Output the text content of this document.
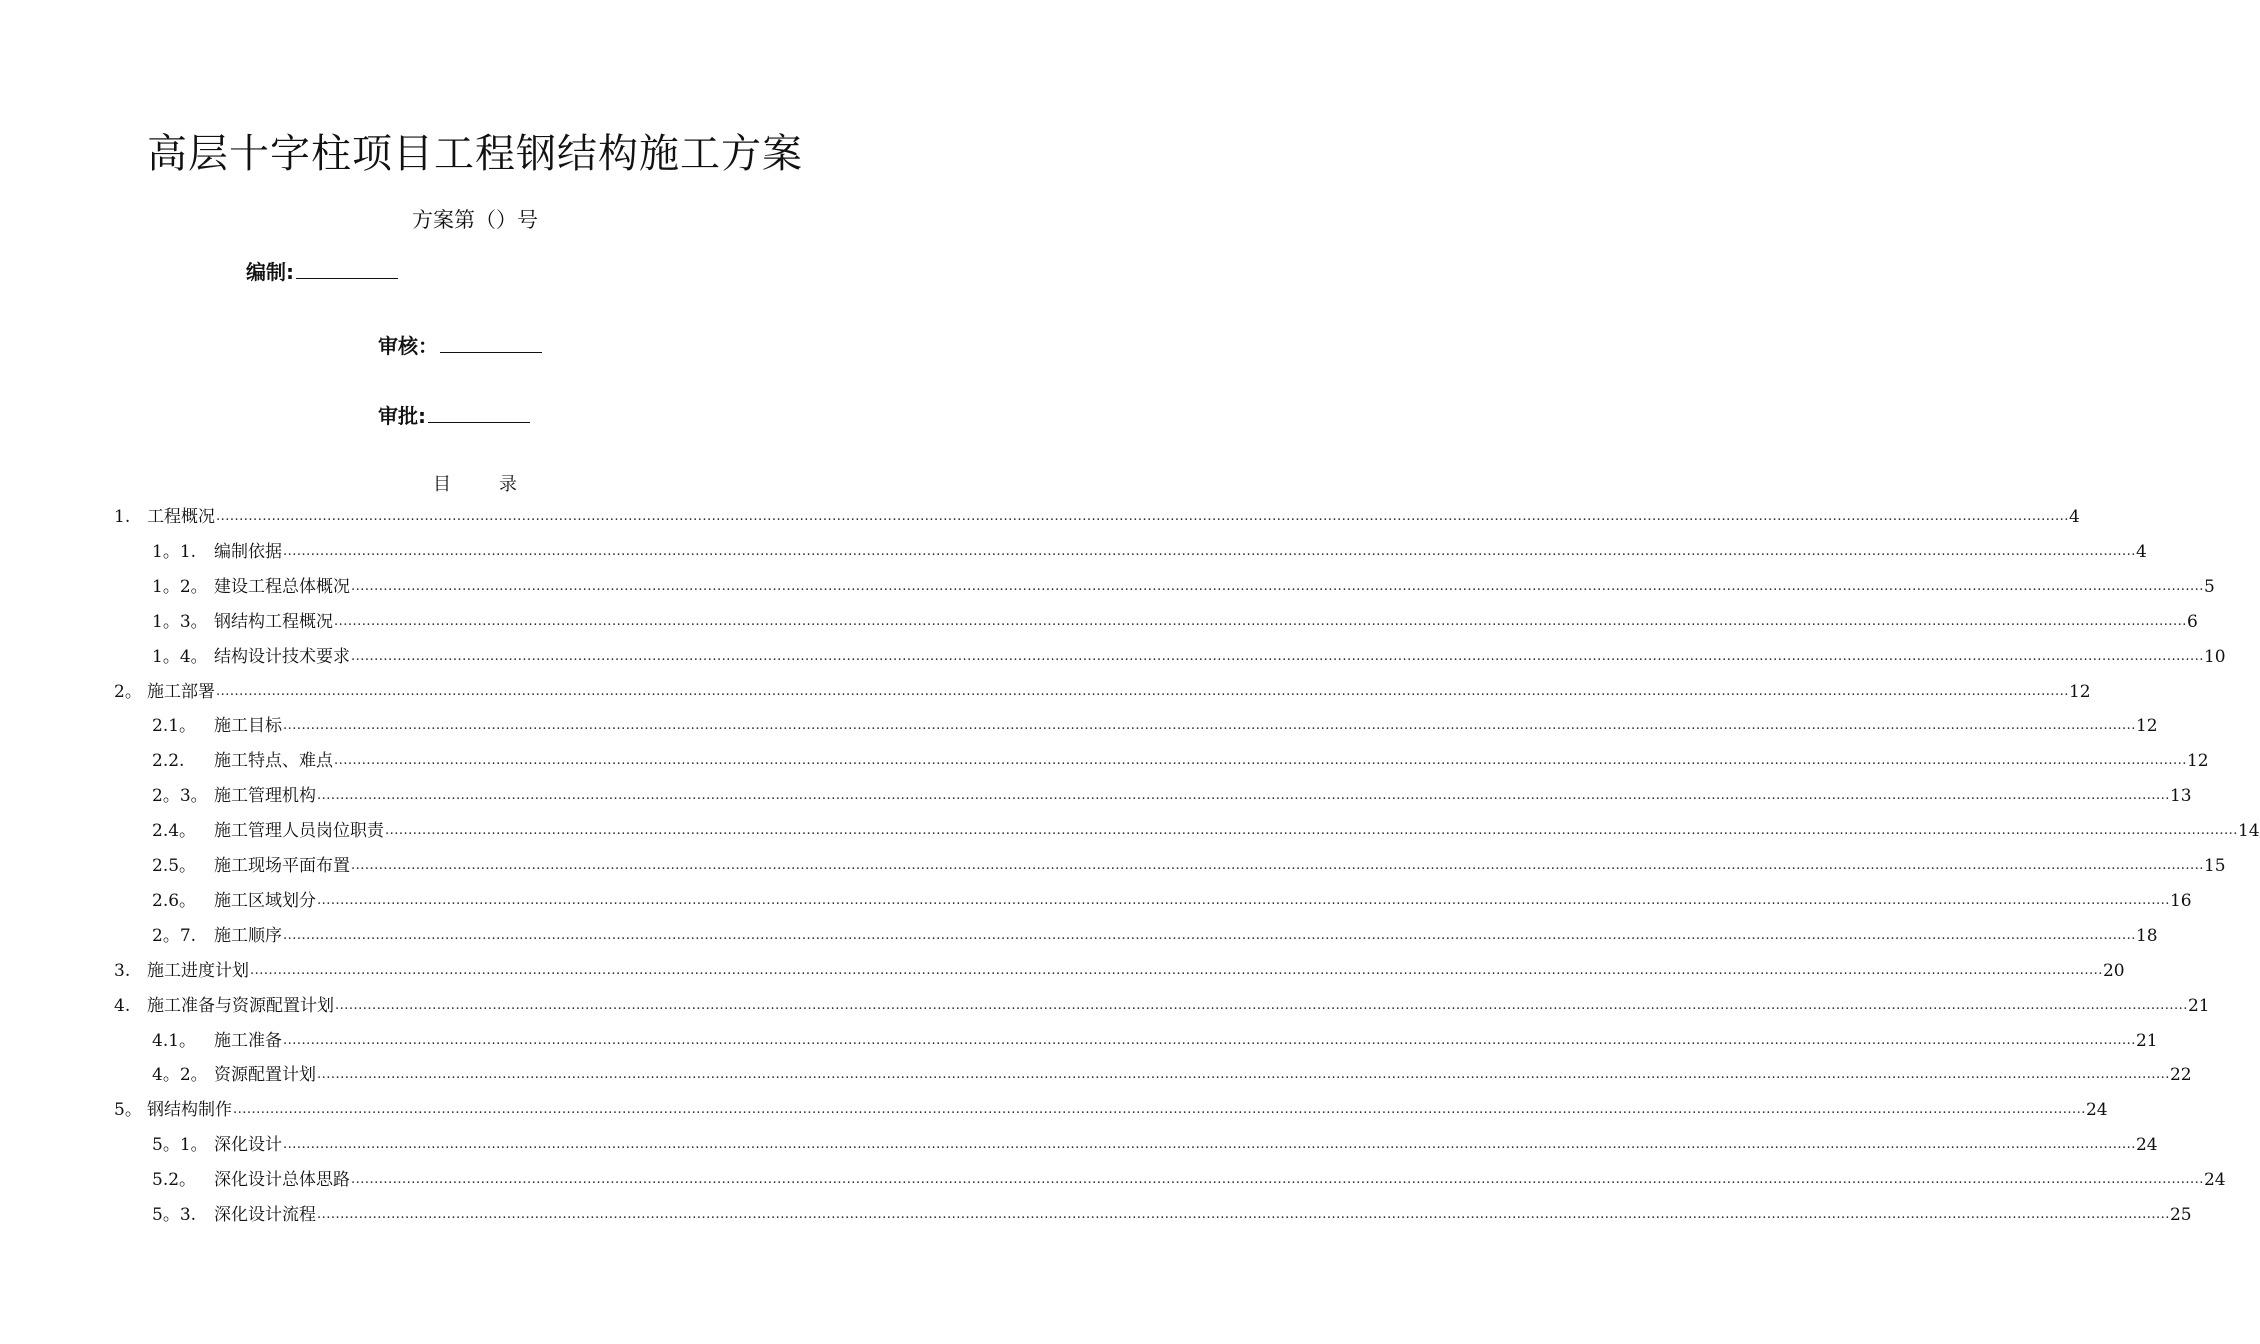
高层十字柱项目工程钢结构施工方案
方案第（）号
编制:
审核：
审批:
目	录
1. 工程概况 ................................................................................................................................................................................................................................................................................................................................................................................................................ 4
1。1. 编制依据 ................................................................................................................................................................................................................................................................................................................................................................................................................ 4
1。2。 建设工程总体概况 ................................................................................................................................................................................................................................................................................................................................................................................................................ 5
1。3。 钢结构工程概况 ................................................................................................................................................................................................................................................................................................................................................................................................................ 6
1。4。 结构设计技术要求 ................................................................................................................................................................................................................................................................................................................................................................................................................ 10
2。 施工部署 ................................................................................................................................................................................................................................................................................................................................................................................................................ 12
2.1。 施工目标 ................................................................................................................................................................................................................................................................................................................................................................................................................ 12
2.2. 施工特点、难点 ................................................................................................................................................................................................................................................................................................................................................................................................................ 12
2。3。 施工管理机构 ................................................................................................................................................................................................................................................................................................................................................................................................................ 13
2.4。 施工管理人员岗位职责 ................................................................................................................................................................................................................................................................................................................................................................................................................ 14
2.5。 施工现场平面布置 ................................................................................................................................................................................................................................................................................................................................................................................................................ 15
2.6。 施工区域划分 ................................................................................................................................................................................................................................................................................................................................................................................................................ 16
2。7. 施工顺序 ................................................................................................................................................................................................................................................................................................................................................................................................................ 18
3. 施工进度计划 ................................................................................................................................................................................................................................................................................................................................................................................................................ 20
4. 施工准备与资源配置计划 ................................................................................................................................................................................................................................................................................................................................................................................................................ 21
4.1。 施工准备 ................................................................................................................................................................................................................................................................................................................................................................................................................ 21
4。2。 资源配置计划 ................................................................................................................................................................................................................................................................................................................................................................................................................ 22
5。 钢结构制作 ................................................................................................................................................................................................................................................................................................................................................................................................................ 24
5。1。 深化设计 ................................................................................................................................................................................................................................................................................................................................................................................................................ 24
5.2。 深化设计总体思路 ................................................................................................................................................................................................................................................................................................................................................................................................................ 24
5。3. 深化设计流程 ................................................................................................................................................................................................................................................................................................................................................................................................................ 25
